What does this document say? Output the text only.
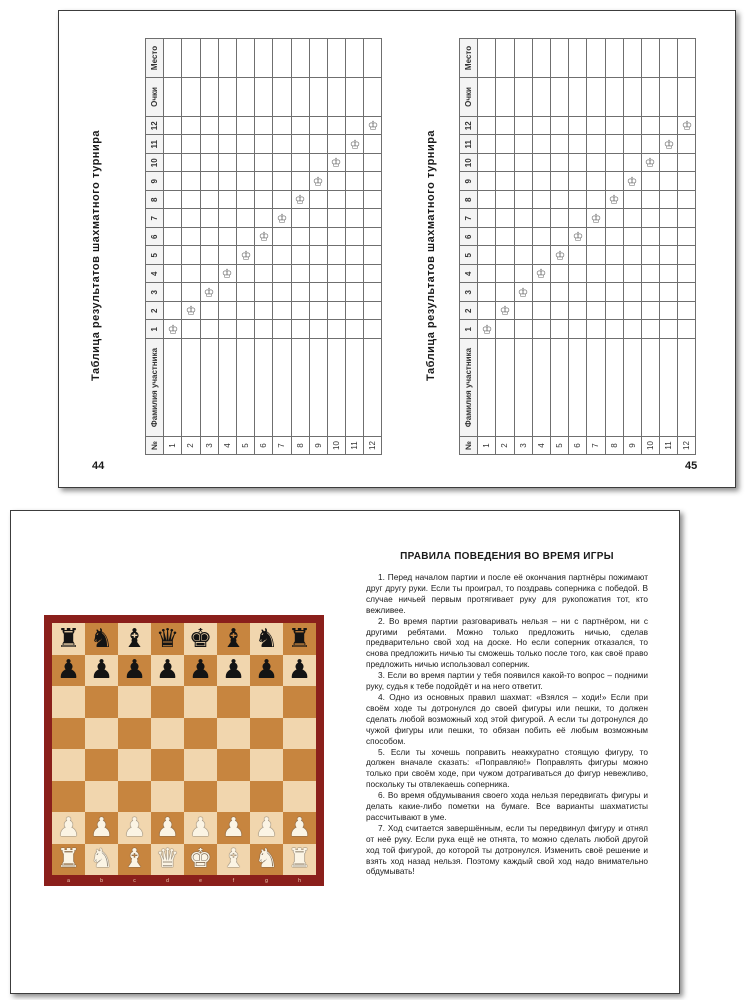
Таблица результатов шахматного турнира
№	Фамилия участника	1	2	3	4	5	6	7	8	9	10	11	12	Очки	Место
1		♔													
2			♔												
3				♔											
4					♔										
5						♔									
6							♔								
7								♔							
8									♔						
9										♔					
10											♔				
11												♔			
12													♔		
44
Таблица результатов шахматного турнира
№	Фамилия участника	1	2	3	4	5	6	7	8	9	10	11	12	Очки	Место
1		♔													
2			♔												
3				♔											
4					♔										
5						♔									
6							♔								
7								♔							
8									♔						
9										♔					
10											♔				
11												♔			
12													♔		
45
♜ ♞ ♝ ♛ ♚ ♝ ♞ ♜
♟ ♟ ♟ ♟ ♟ ♟ ♟ ♟
♟ ♟ ♟ ♟ ♟ ♟ ♟ ♟
♜ ♞ ♝ ♛ ♚ ♝ ♞ ♜
a	b	c	d	e	f	g	h
ПРАВИЛА ПОВЕДЕНИЯ ВО ВРЕМЯ ИГРЫ

1. Перед началом партии и после её окончания партнёры пожимают друг другу руки. Если ты проиграл, то поздравь соперника с победой. В случае ничьей первым протягивает руку для рукопожатия тот, кто вежливее.

2. Во время партии разговаривать нельзя – ни с партнёром, ни с другими ребятами. Можно только предложить ничью, сделав предварительно свой ход на доске. Но если соперник отказался, то снова предложить ничью ты сможешь только после того, как своё право предложить ничью использовал соперник.

3. Если во время партии у тебя появился какой-то вопрос – подними руку, судья к тебе подойдёт и на него ответит.

4. Одно из основных правил шахмат: «Взялся – ходи!» Если при своём ходе ты дотронулся до своей фигуры или пешки, то должен сделать любой возможный ход этой фигурой. А если ты дотронулся до чужой фигуры или пешки, то обязан побить её любым возможным способом.

5. Если ты хочешь поправить неаккуратно стоящую фигуру, то должен вначале сказать: «Поправляю!» Поправлять фигуры можно только при своём ходе, при чужом дотрагиваться до фигур невежливо, поскольку ты отвлекаешь соперника.

6. Во время обдумывания своего хода нельзя передвигать фигуры и делать какие-либо пометки на бумаге. Все варианты шахматисты рассчитывают в уме.

7. Ход считается завершённым, если ты передвинул фигуру и отнял от неё руку. Если рука ещё не отнята, то можно сделать любой другой ход той фигурой, до которой ты дотронулся. Изменить своё решение и взять ход назад нельзя. Поэтому каждый свой ход надо внимательно обдумывать!
